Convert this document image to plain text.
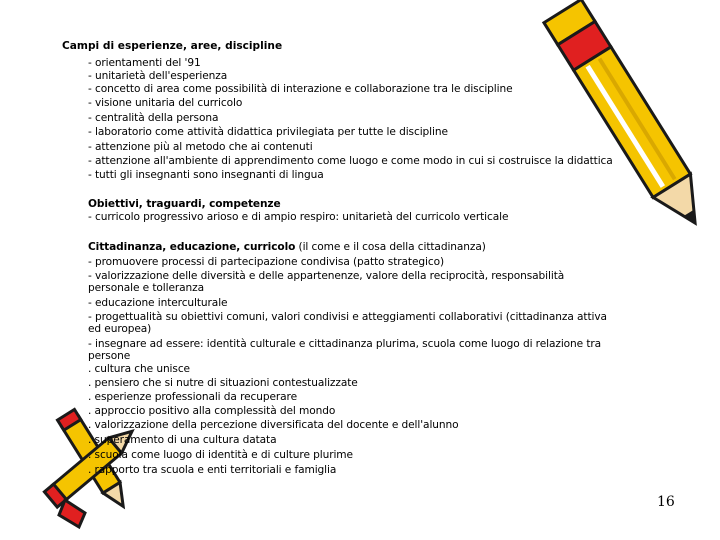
Campi di esperienze, aree, discipline
- orientamenti del '91
- unitarietà dell'esperienza
- concetto di area come possibilità di interazione e collaborazione tra le discipline
- visione unitaria del curricolo
- centralità della persona
- laboratorio come attività didattica privilegiata per tutte le discipline
- attenzione più al metodo che ai contenuti
- attenzione all'ambiente di apprendimento come luogo e come modo in cui si costruisce la didattica
- tutti gli insegnanti sono insegnanti di lingua
Obiettivi, traguardi, competenze
- curricolo progressivo arioso e di ampio respiro: unitarietà del curricolo verticale
Cittadinanza, educazione, curricolo (il come e il cosa della cittadinanza)
- promuovere processi di partecipazione condivisa (patto strategico)
- valorizzazione delle diversità e delle appartenenze, valore della reciprocità, responsabilità
personale e tolleranza
- educazione interculturale
- progettualità su obiettivi comuni, valori condivisi e atteggiamenti collaborativi (cittadinanza attiva
ed europea)
- insegnare ad essere: identità culturale e cittadinanza plurima, scuola come luogo di relazione tra
persone
. cultura che unisce
. pensiero che si nutre di situazioni contestualizzate
. esperienze professionali da recuperare
. approccio positivo alla complessità del mondo
. valorizzazione della percezione diversificata del docente e dell'alunno
. superamento di una cultura datata
. scuola come luogo di identità e di culture plurime
. rapporto tra scuola e enti territoriali e famiglia
16
